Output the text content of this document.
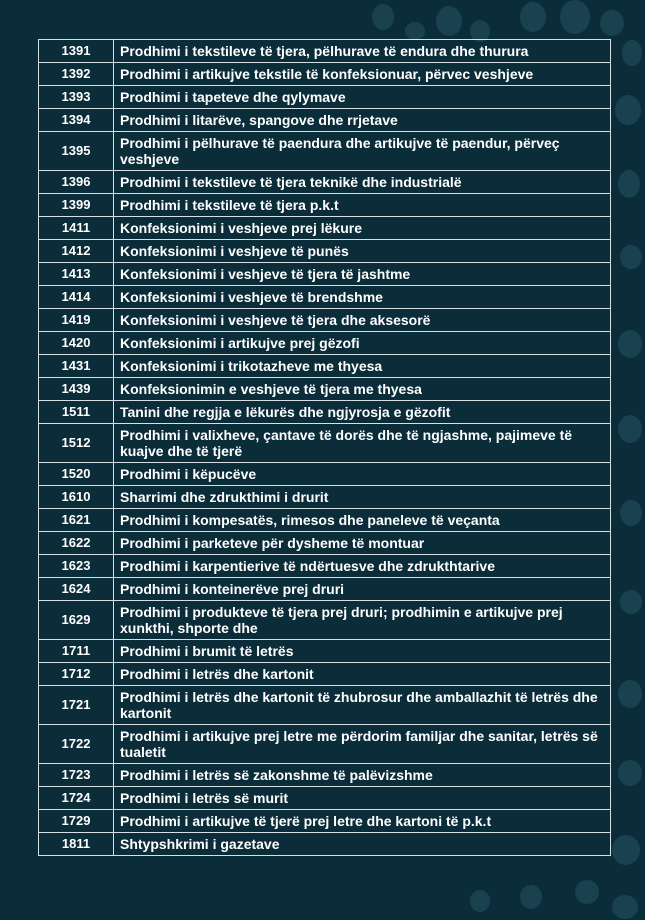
1391	Prodhimi i tekstileve të tjera, pëlhurave të endura dhe thurura
1392	Prodhimi i artikujve tekstile të konfeksionuar, përvec veshjeve
1393	Prodhimi i tapeteve dhe qylymave
1394	Prodhimi i litarëve, spangove dhe rrjetave
1395	Prodhimi i pëlhurave të paendura dhe artikujve të paendur, përveç veshjeve
1396	Prodhimi i tekstileve të tjera teknikë dhe industrialë
1399	Prodhimi i tekstileve të tjera p.k.t
1411	Konfeksionimi i veshjeve prej lëkure
1412	Konfeksionimi i veshjeve të punës
1413	Konfeksionimi i veshjeve të tjera të jashtme
1414	Konfeksionimi i veshjeve të brendshme
1419	Konfeksionimi i veshjeve të tjera dhe aksesorë
1420	Konfeksionimi i artikujve prej gëzofi
1431	Konfeksionimi i trikotazheve me thyesa
1439	Konfeksionimin e veshjeve të tjera me thyesa
1511	Tanini dhe regjja e lëkurës dhe ngjyrosja e gëzofit
1512	Prodhimi i valixheve, çantave të dorës dhe të ngjashme, pajimeve të kuajve dhe të tjerë
1520	Prodhimi i këpucëve
1610	Sharrimi dhe zdrukthimi i drurit
1621	Prodhimi i kompesatës, rimesos dhe paneleve të veçanta
1622	Prodhimi i parketeve për dysheme të montuar
1623	Prodhimi i karpentierive të ndërtuesve dhe zdrukthtarive
1624	Prodhimi i konteinerëve prej druri
1629	Prodhimi i produkteve të tjera prej druri; prodhimin e artikujve prej xunkthi, shporte dhe
1711	Prodhimi i brumit të letrës
1712	Prodhimi i letrës dhe kartonit
1721	Prodhimi i letrës dhe kartonit të zhubrosur dhe amballazhit të letrës dhe kartonit
1722	Prodhimi i artikujve prej letre me përdorim familjar dhe sanitar, letrës së tualetit
1723	Prodhimi i letrës së zakonshme të palëvizshme
1724	Prodhimi i letrës së murit
1729	Prodhimi i artikujve të tjerë prej letre dhe kartoni të p.k.t
1811	Shtypshkrimi i gazetave
